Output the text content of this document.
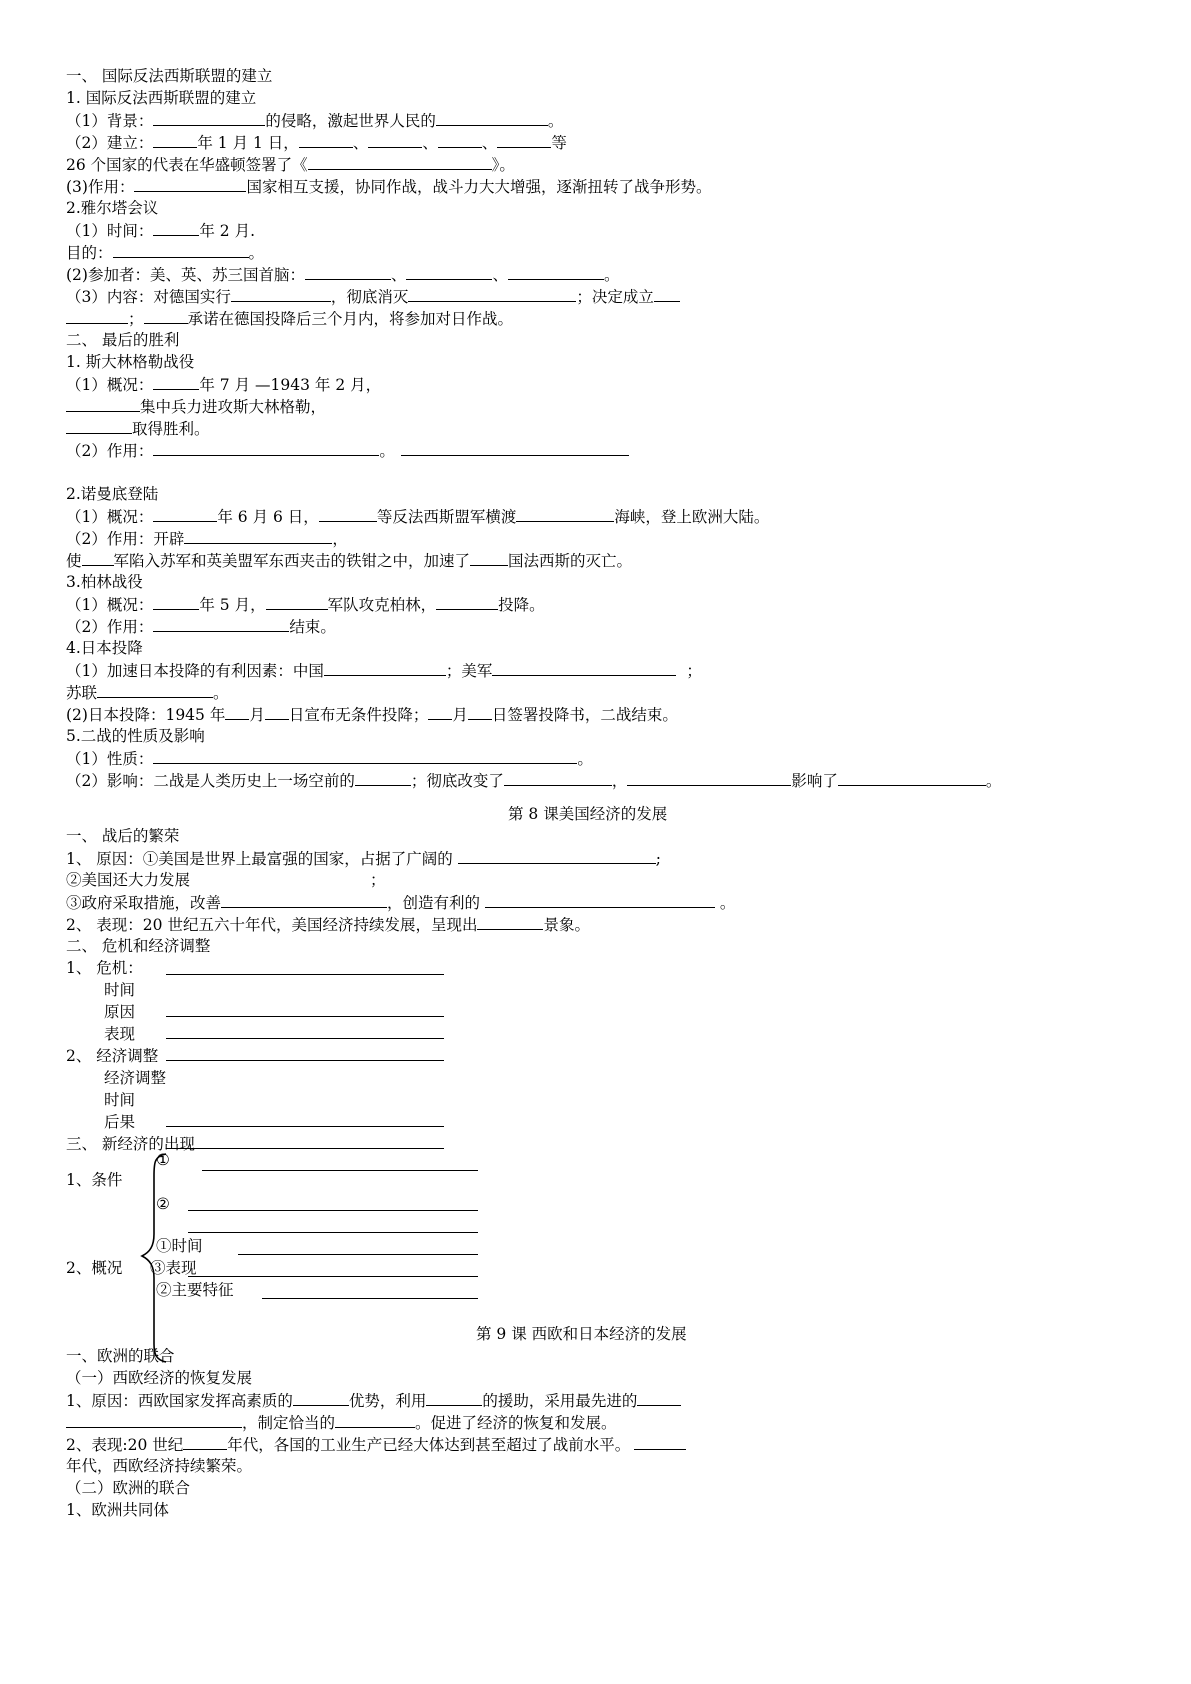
一、 国际反法西斯联盟的建立
1. 国际反法西斯联盟的建立
（1）背景：	的侵略，激起世界人民的	。
（2）建立：	年 1 月 1 日，	、	、	、	等
26 个国家的代表在华盛顿签署了《	》。
(3)作用：	国家相互支援，协同作战，战斗力大大增强，逐渐扭转了战争形势。
2.雅尔塔会议
（1）时间：	年 2 月.
目的：	。
(2)参加者：美、英、苏三国首脑：	、	、	。
（3）内容：对德国实行	，彻底消灭	；决定成立
；	承诺在德国投降后三个月内，将参加对日作战。
二、 最后的胜利
1. 斯大林格勒战役
（1）概况：	年 7 月 —1943 年 2 月，
集中兵力进攻斯大林格勒，
取得胜利。
（2）作用：	。
2.诺曼底登陆
（1）概况：	年 6 月 6 日，	等反法西斯盟军横渡	海峡，登上欧洲大陆。
（2）作用：开辟	，
使 军陷入苏军和英美盟军东西夹击的铁钳之中，加速了 国法西斯的灭亡。
3.柏林战役
（1）概况：	年 5 月，	军队攻克柏林，	投降。
（2）作用：	结束。
4.日本投降
（1）加速日本投降的有利因素：中国	；美军	；
苏联	。
(2)日本投降：1945 年 月 日宣布无条件投降； 月 日签署投降书，二战结束。
5.二战的性质及影响
（1）性质：	。
（2）影响：二战是人类历史上一场空前的	；彻底改变了	，	影响了	。
第 8 课美国经济的发展
一、 战后的繁荣
1、 原因：①美国是世界上最富强的国家，占据了广阔的	;
②美国还大力发展	；
③政府采取措施，改善	，创造有利的	。
2、 表现：20 世纪五六十年代，美国经济持续发展，呈现出	景象。
二、 危机和经济调整
1、 危机：
时间
原因
表现
2、 经济调整
经济调整
时间
后果
三、 新经济的出现
1、条件
①
②
2、概况
①时间
③表现
②主要特征
第 9 课 西欧和日本经济的发展
一、欧洲的联合
（一）西欧经济的恢复发展
1、原因：西欧国家发挥高素质的	优势，利用	的援助，采用最先进的
，制定恰当的	。促进了经济的恢复和发展。
2、表现:20 世纪	年代，各国的工业生产已经大体达到甚至超过了战前水平。
年代，西欧经济持续繁荣。
（二）欧洲的联合
1、欧洲共同体
